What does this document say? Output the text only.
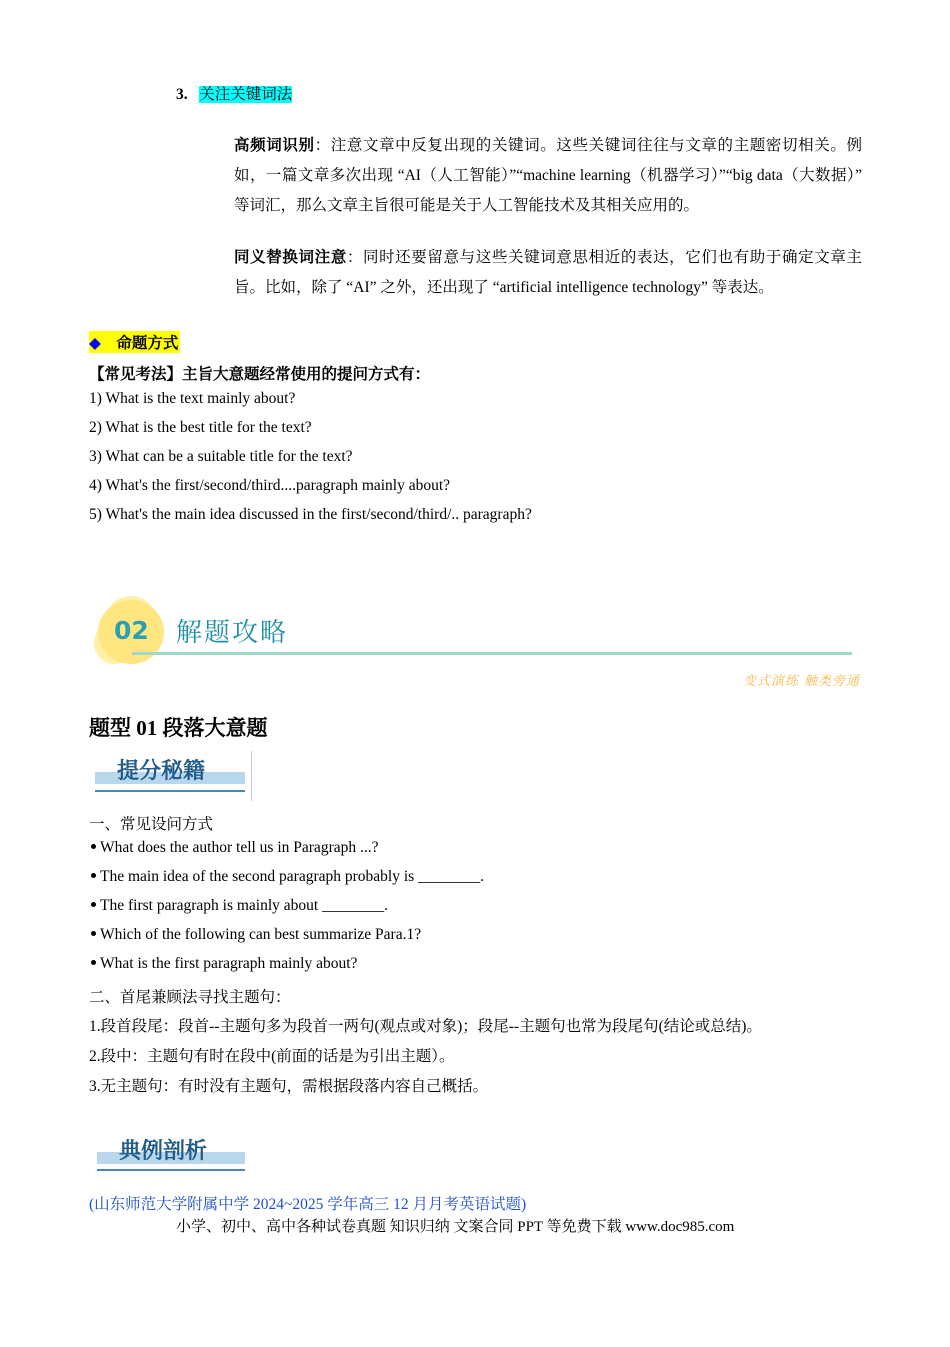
3. 关注关键词法
高频词识别：注意文章中反复出现的关键词。这些关键词往往与文章的主题密切相关。例如，一篇文章多次出现 “AI（人工智能）”“machine learning（机器学习）”“big data（大数据）” 等词汇，那么文章主旨很可能是关于人工智能技术及其相关应用的。
同义替换词注意：同时还要留意与这些关键词意思相近的表达，它们也有助于确定文章主旨。比如，除了 “AI” 之外，还出现了 “artificial intelligence technology” 等表达。
◆ 命题方式
【常见考法】主旨大意题经常使用的提问方式有：
1) What is the text mainly about?
2) What is the best title for the text?
3) What can be a suitable title for the text?
4) What's the first/second/third....paragraph mainly about?
5) What's the main idea discussed in the first/second/third/.. paragraph?
02 解题攻略
变式演练 触类旁通
题型 01 段落大意题
提分秘籍
一、常见设问方式
What does the author tell us in Paragraph ...?
The main idea of the second paragraph probably is ________.
The first paragraph is mainly about ________.
Which of the following can best summarize Para.1?
What is the first paragraph mainly about?
二、首尾兼顾法寻找主题句：
1.段首段尾：段首--主题句多为段首一两句(观点或对象)；段尾--主题句也常为段尾句(结论或总结)。
2.段中：主题句有时在段中(前面的话是为引出主题）。
3.无主题句：有时没有主题句，需根据段落内容自己概括。
典例剖析
(山东师范大学附属中学 2024~2025 学年高三 12 月月考英语试题)
小学、初中、高中各种试卷真题 知识归纳 文案合同 PPT 等免费下载 www.doc985.com
